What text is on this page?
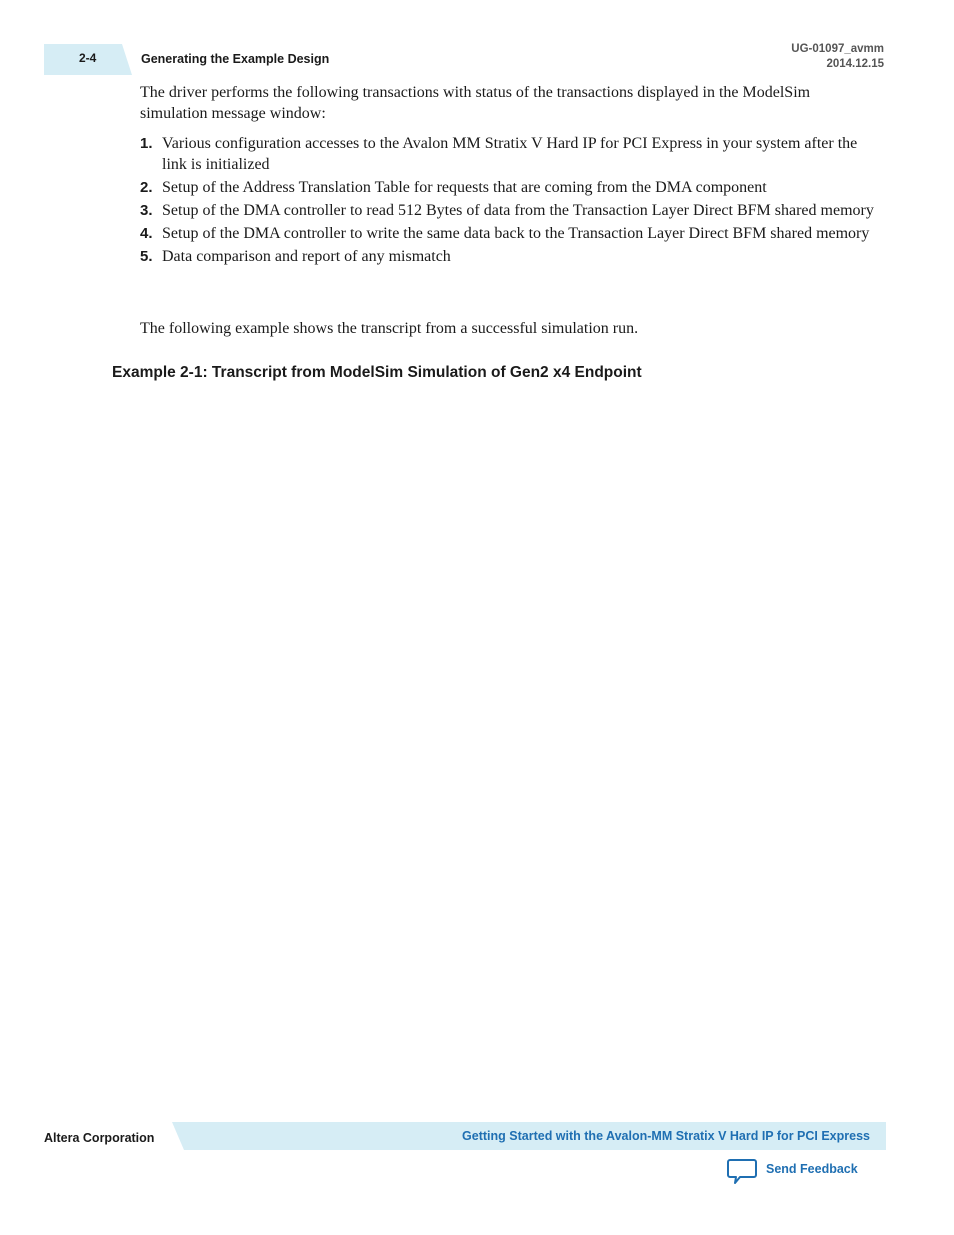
2-4	Generating the Example Design
UG-01097_avmm
2014.12.15

The driver performs the following transactions with status of the transactions displayed in the ModelSim simulation message window:

1. Various configuration accesses to the Avalon MM Stratix V Hard IP for PCI Express in your system after the link is initialized
2. Setup of the Address Translation Table for requests that are coming from the DMA component
3. Setup of the DMA controller to read 512 Bytes of data from the Transaction Layer Direct BFM shared memory
4. Setup of the DMA controller to write the same data back to the Transaction Layer Direct BFM shared memory
5. Data comparison and report of any mismatch

The following example shows the transcript from a successful simulation run.

Example 2-1: Transcript from ModelSim Simulation of Gen2 x4 Endpoint
Altera Corporation	Getting Started with the Avalon-MM Stratix V Hard IP for PCI Express
Send Feedback
